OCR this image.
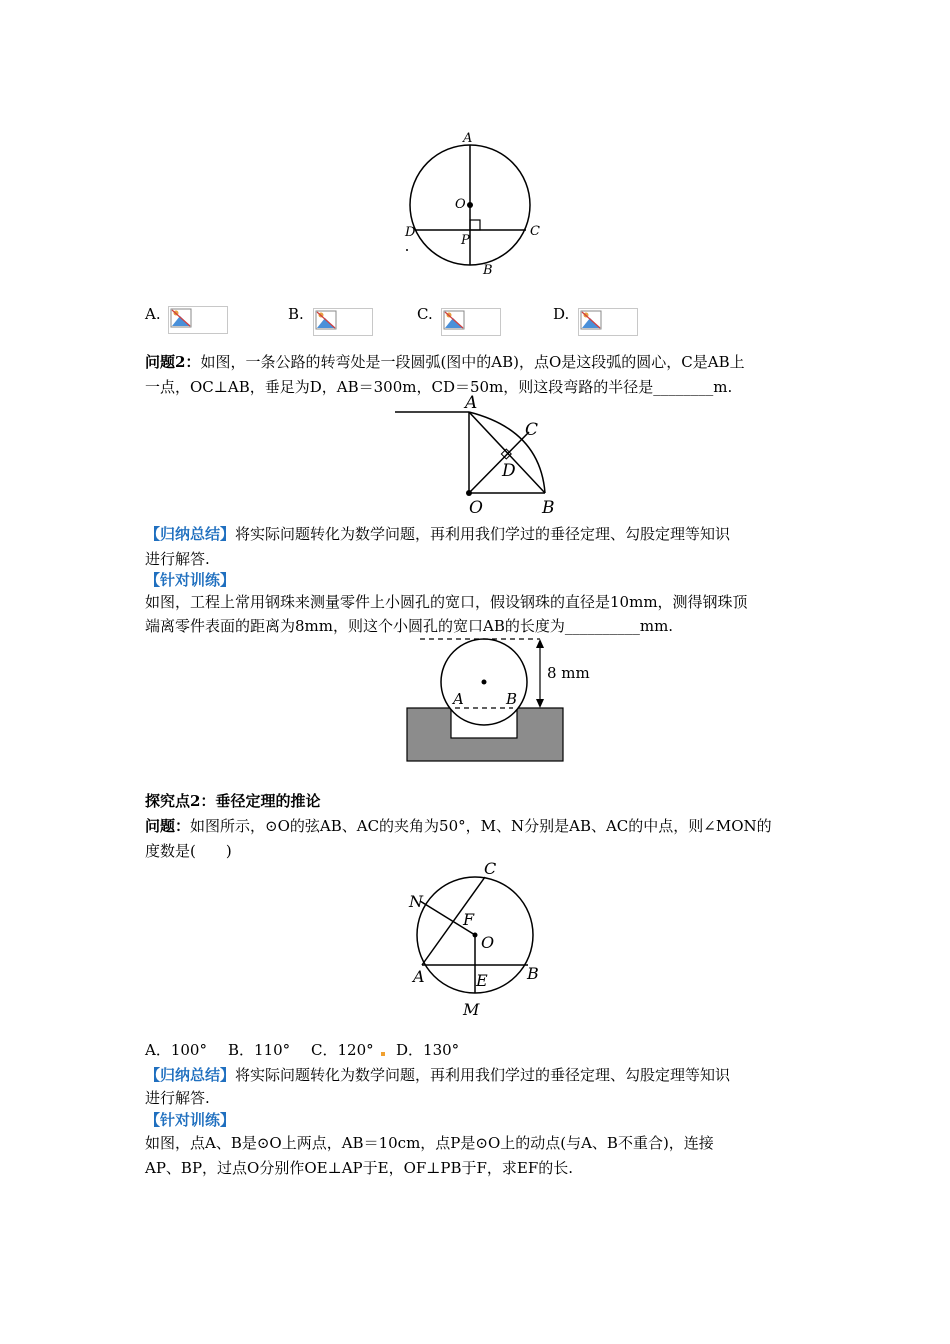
A
O
D
P
C
B
A.	B.	C.	D.
问题2：如图，一条公路的转弯处是一段圆弧(图中的AB)，点O是这段弧的圆心，C是AB上
一点，OC⊥AB，垂足为D，AB＝300m，CD＝50m，则这段弯路的半径是________m.
A
C
D
O	B
【归纳总结】将实际问题转化为数学问题，再利用我们学过的垂径定理、勾股定理等知识
进行解答.
【针对训练】
如图，工程上常用钢珠来测量零件上小圆孔的宽口，假设钢珠的直径是10mm，测得钢珠顶
端离零件表面的距离为8mm，则这个小圆孔的宽口AB的长度为__________mm.
A	B
8 mm
探究点2：垂径定理的推论
问题：如图所示，⊙O的弦AB、AC的夹角为50°，M、N分别是AB、AC的中点，则∠MON的
度数是(　　)
C
N
F
O
A	E B
M
A．100° B．110° C．120° D．130°
【归纳总结】将实际问题转化为数学问题，再利用我们学过的垂径定理、勾股定理等知识
进行解答.
【针对训练】
如图，点A、B是⊙O上两点，AB＝10cm，点P是⊙O上的动点(与A、B不重合)，连接
AP、BP，过点O分别作OE⊥AP于E，OF⊥PB于F，求EF的长.
